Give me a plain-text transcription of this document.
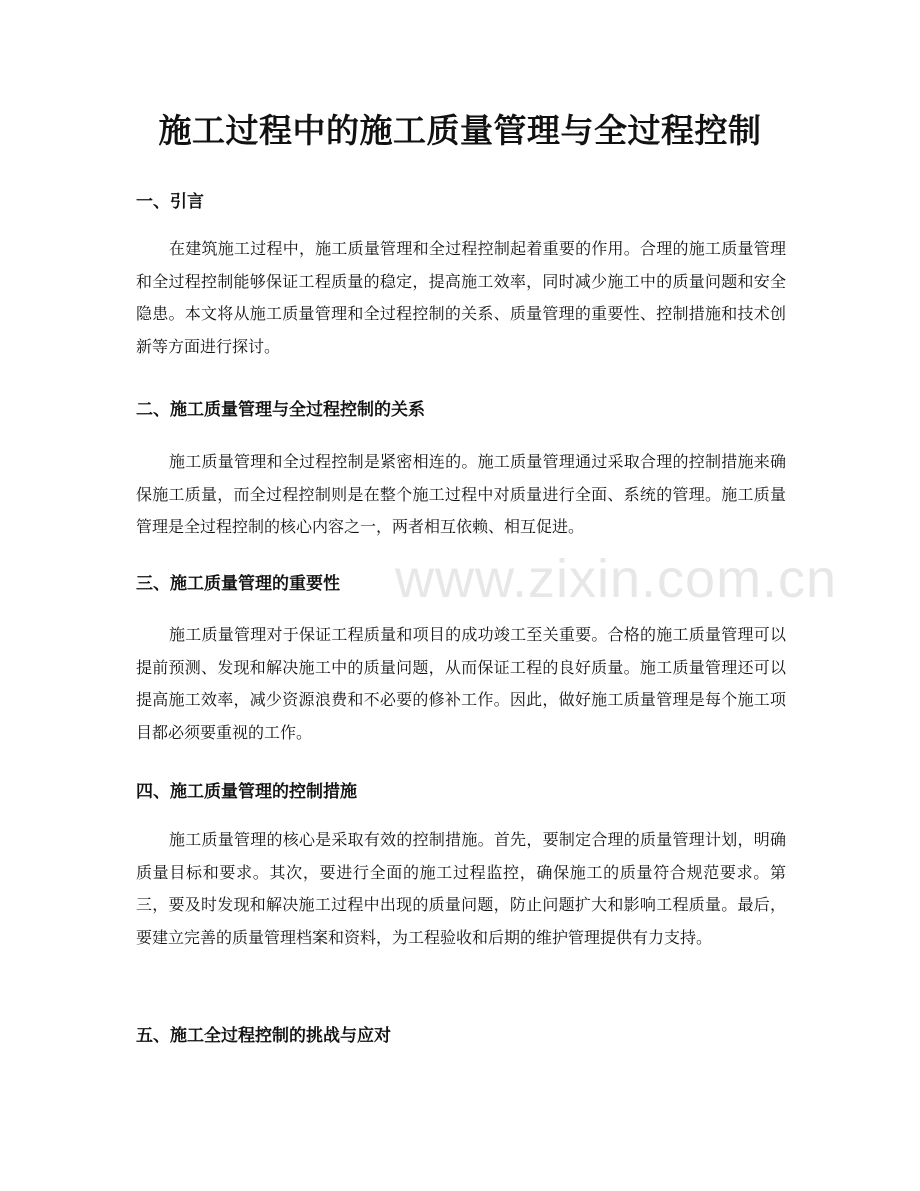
施工过程中的施工质量管理与全过程控制
一、引言

在建筑施工过程中，施工质量管理和全过程控制起着重要的作用。合理的施工质量管理和全过程控制能够保证工程质量的稳定，提高施工效率，同时减少施工中的质量问题和安全隐患。本文将从施工质量管理和全过程控制的关系、质量管理的重要性、控制措施和技术创新等方面进行探讨。

二、施工质量管理与全过程控制的关系

施工质量管理和全过程控制是紧密相连的。施工质量管理通过采取合理的控制措施来确保施工质量，而全过程控制则是在整个施工过程中对质量进行全面、系统的管理。施工质量管理是全过程控制的核心内容之一，两者相互依赖、相互促进。

三、施工质量管理的重要性

施工质量管理对于保证工程质量和项目的成功竣工至关重要。合格的施工质量管理可以提前预测、发现和解决施工中的质量问题，从而保证工程的良好质量。施工质量管理还可以提高施工效率，减少资源浪费和不必要的修补工作。因此，做好施工质量管理是每个施工项目都必须要重视的工作。

四、施工质量管理的控制措施

施工质量管理的核心是采取有效的控制措施。首先，要制定合理的质量管理计划，明确质量目标和要求。其次，要进行全面的施工过程监控，确保施工的质量符合规范要求。第三，要及时发现和解决施工过程中出现的质量问题，防止问题扩大和影响工程质量。最后，要建立完善的质量管理档案和资料，为工程验收和后期的维护管理提供有力支持。

五、施工全过程控制的挑战与应对
www.zixin.com.cn
